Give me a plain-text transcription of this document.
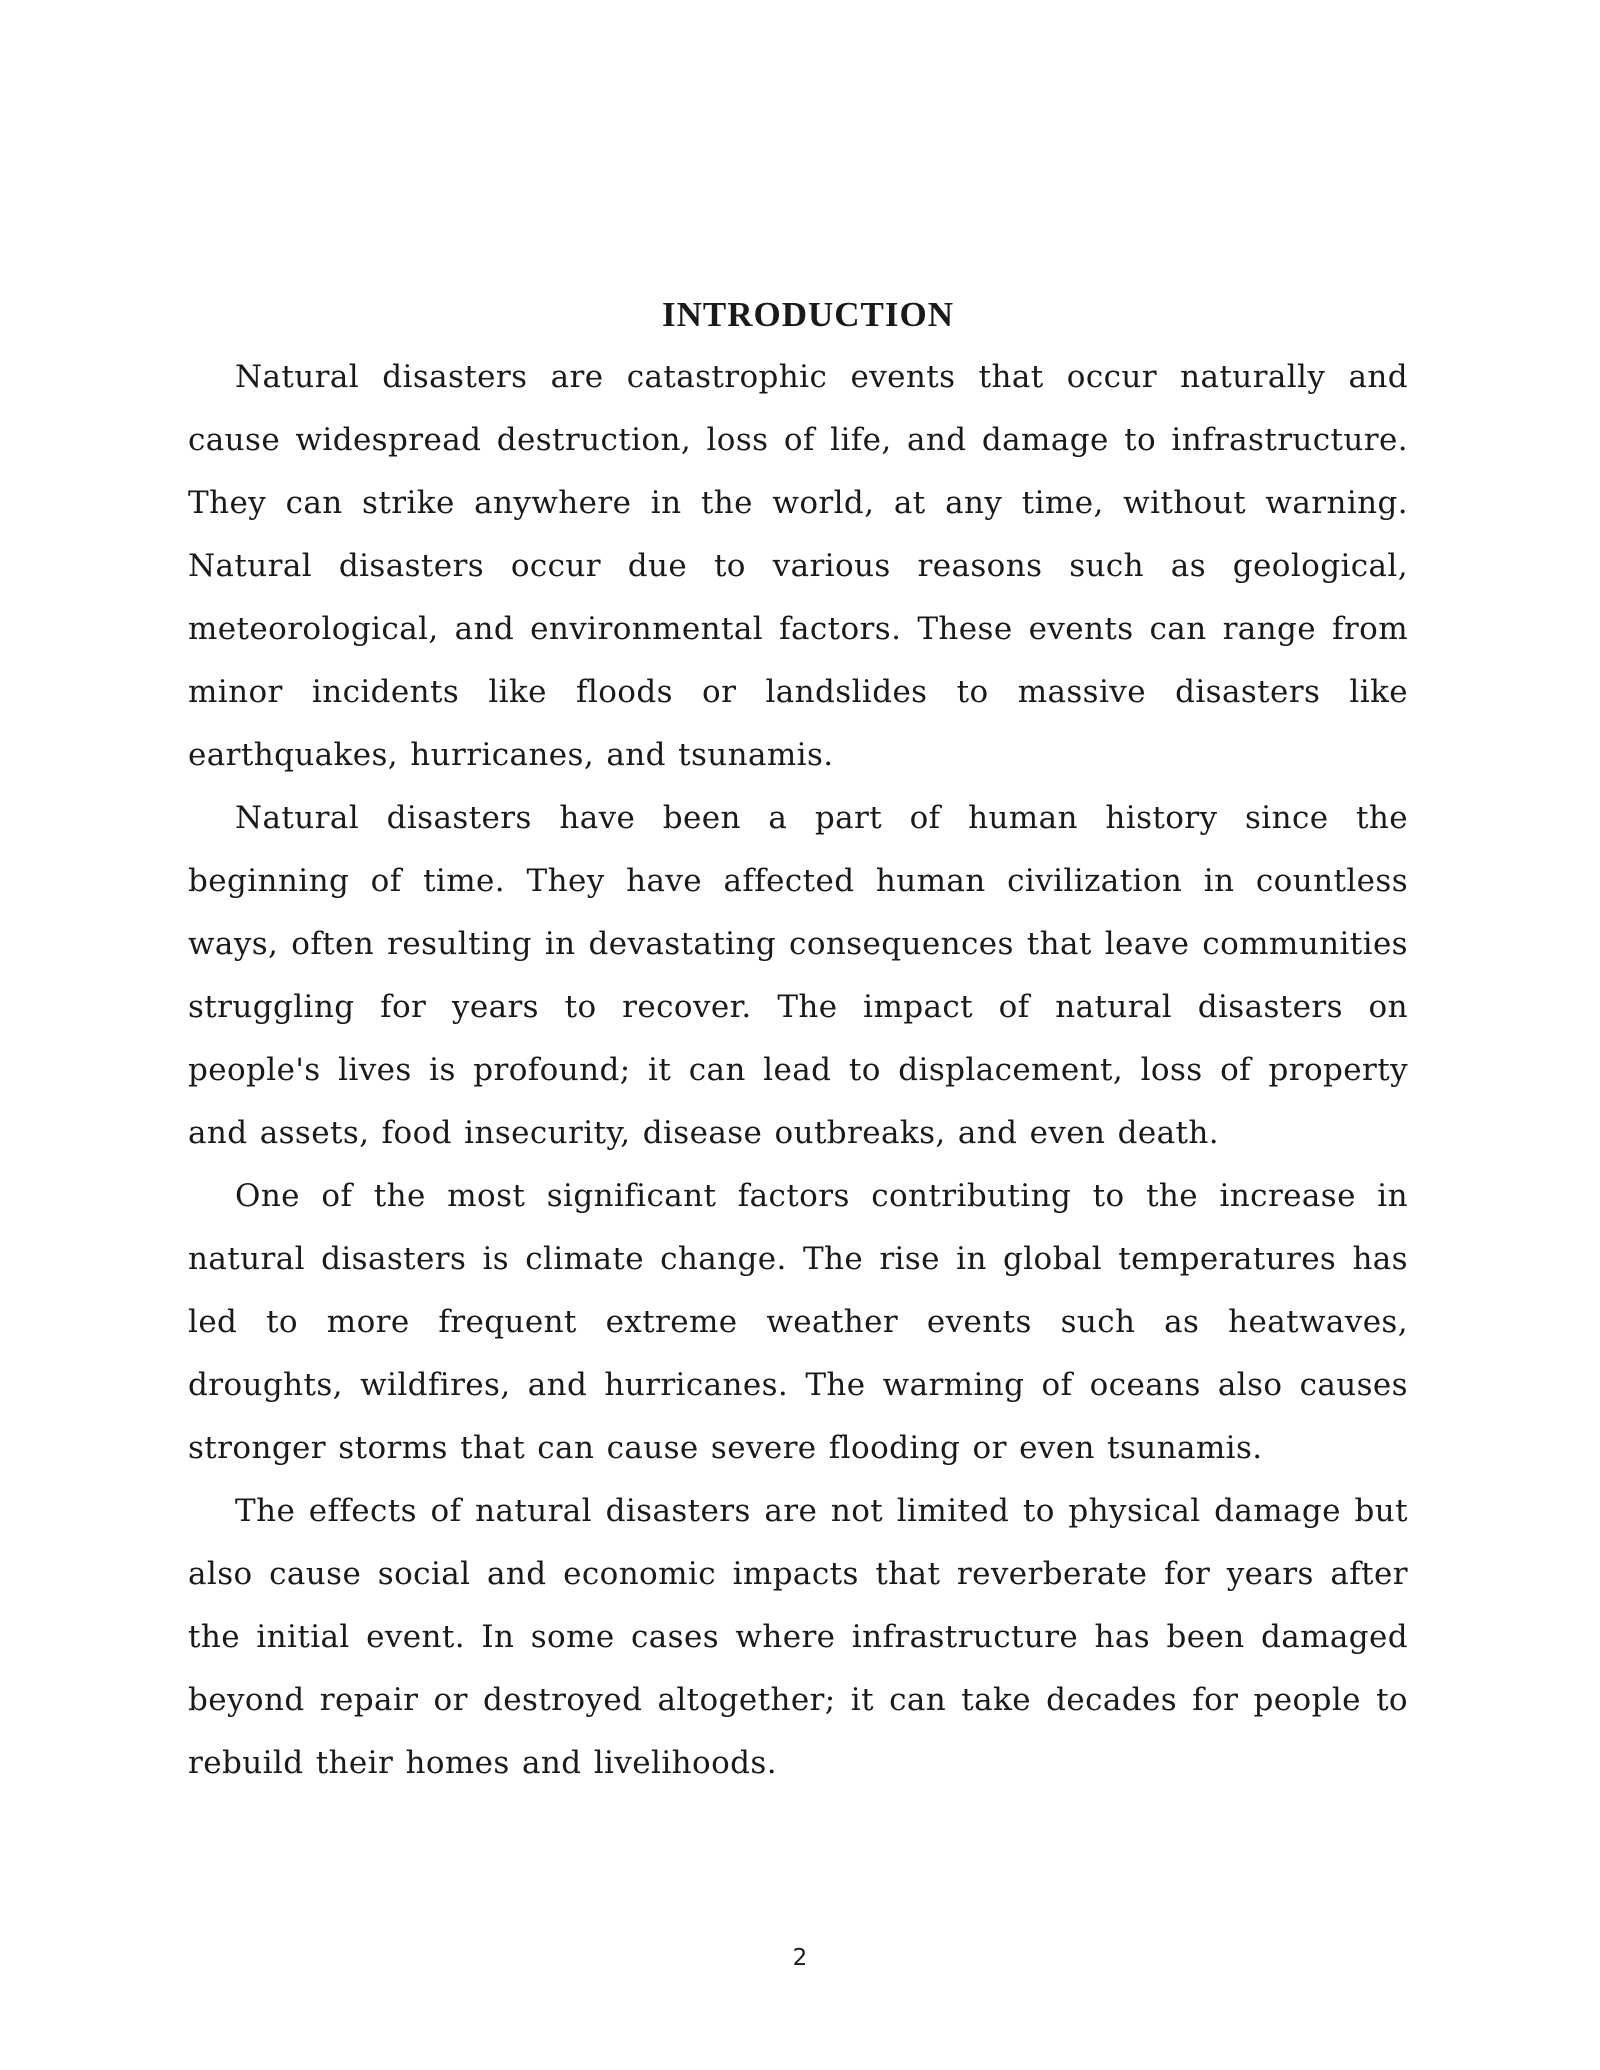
INTRODUCTION

Natural disasters are catastrophic events that occur naturally and cause widespread destruction, loss of life, and damage to infrastructure. They can strike anywhere in the world, at any time, without warning. Natural disasters occur due to various reasons such as geological, meteorological, and environmental factors. These events can range from minor incidents like floods or landslides to massive disasters like earthquakes, hurricanes, and tsunamis.

Natural disasters have been a part of human history since the beginning of time. They have affected human civilization in countless ways, often resulting in devastating consequences that leave communities struggling for years to recover. The impact of natural disasters on people's lives is profound; it can lead to displacement, loss of property and assets, food insecurity, disease outbreaks, and even death.

One of the most significant factors contributing to the increase in natural disasters is climate change. The rise in global temperatures has led to more frequent extreme weather events such as heatwaves, droughts, wildfires, and hurricanes. The warming of oceans also causes stronger storms that can cause severe flooding or even tsunamis.

The effects of natural disasters are not limited to physical damage but also cause social and economic impacts that reverberate for years after the initial event. In some cases where infrastructure has been damaged beyond repair or destroyed altogether; it can take decades for people to rebuild their homes and livelihoods.

2
